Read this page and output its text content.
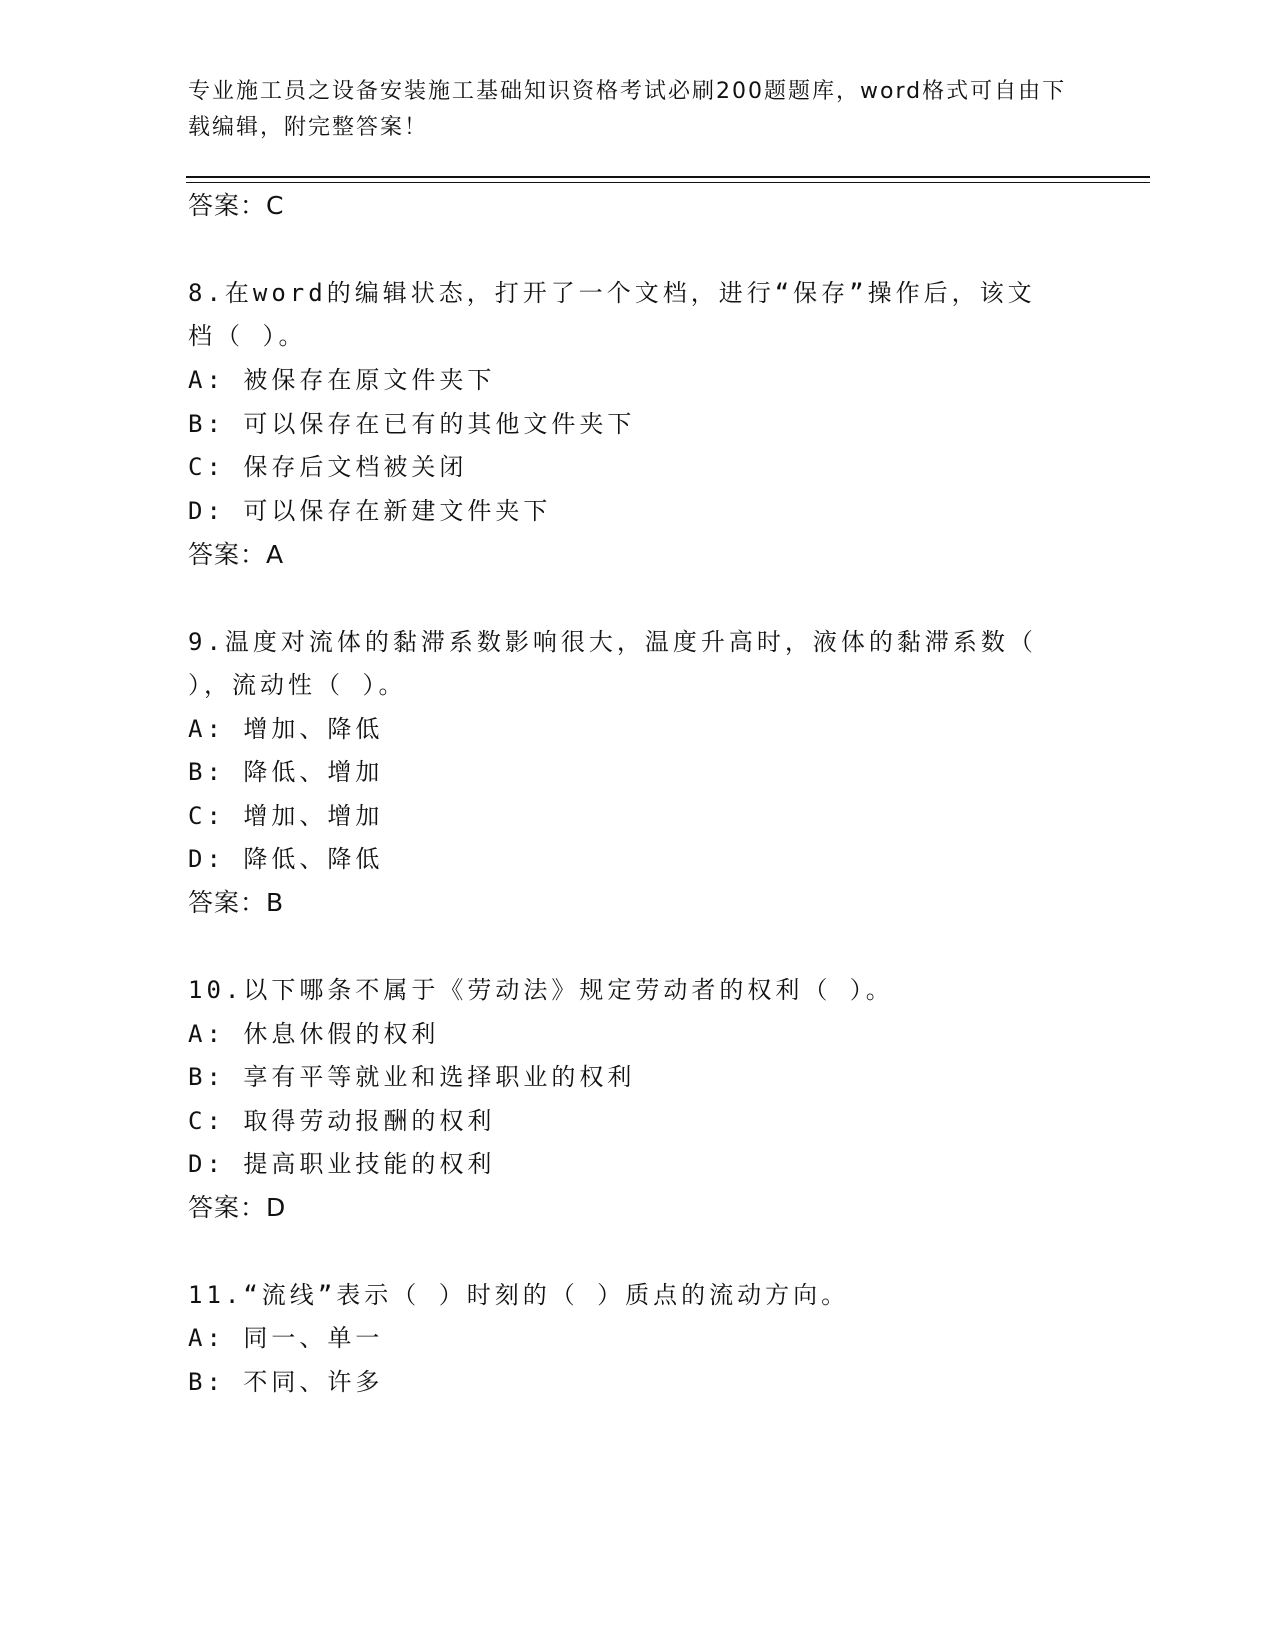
专业施工员之设备安装施工基础知识资格考试必刷200题题库，word格式可自由下载编辑，附完整答案！
答案：C
8.在word的编辑状态，打开了一个文档，进行“保存”操作后，该文
档（ ）。
A: 被保存在原文件夹下
B: 可以保存在已有的其他文件夹下
C: 保存后文档被关闭
D: 可以保存在新建文件夹下
答案：A
9.温度对流体的黏滞系数影响很大，温度升高时，液体的黏滞系数（
），流动性（ ）。
A: 增加、降低
B: 降低、增加
C: 增加、增加
D: 降低、降低
答案：B
10.以下哪条不属于《劳动法》规定劳动者的权利（ ）。
A: 休息休假的权利
B: 享有平等就业和选择职业的权利
C: 取得劳动报酬的权利
D: 提高职业技能的权利
答案：D
11.“流线”表示（ ）时刻的（ ）质点的流动方向。
A: 同一、单一
B: 不同、许多
